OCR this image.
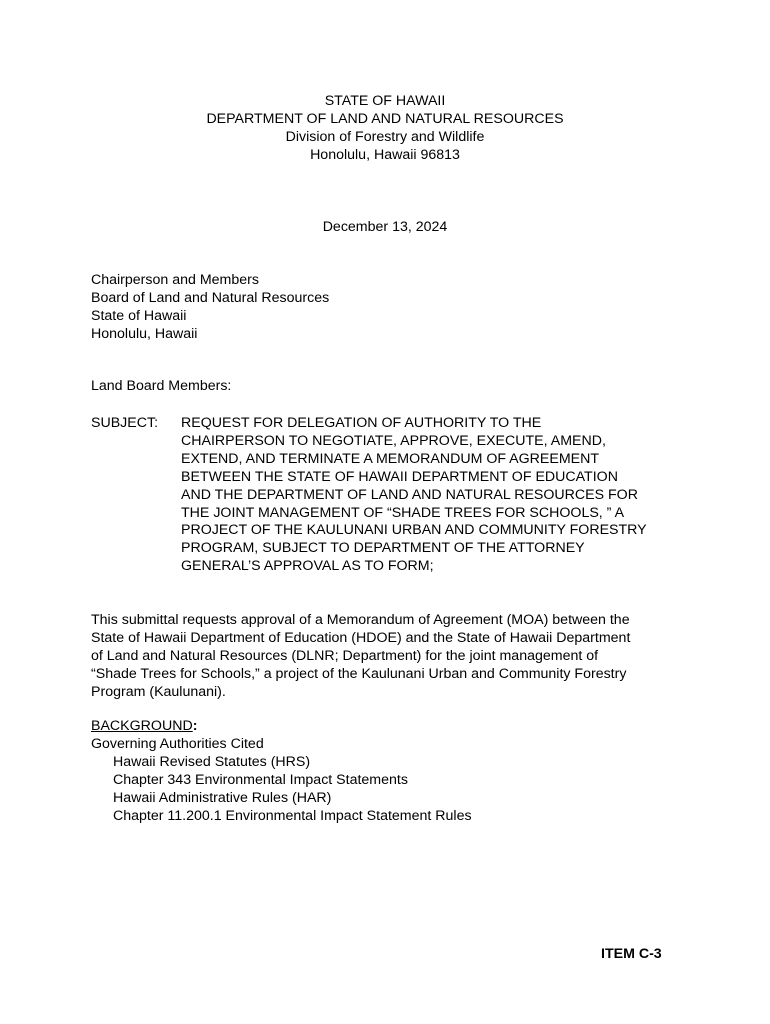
STATE OF HAWAII
DEPARTMENT OF LAND AND NATURAL RESOURCES
Division of Forestry and Wildlife
Honolulu, Hawaii 96813
December 13, 2024
Chairperson and Members
Board of Land and Natural Resources
State of Hawaii
Honolulu, Hawaii
Land Board Members:
SUBJECT: REQUEST FOR DELEGATION OF AUTHORITY TO THE
CHAIRPERSON TO NEGOTIATE, APPROVE, EXECUTE, AMEND,
EXTEND, AND TERMINATE A MEMORANDUM OF AGREEMENT
BETWEEN THE STATE OF HAWAII DEPARTMENT OF EDUCATION
AND THE DEPARTMENT OF LAND AND NATURAL RESOURCES FOR
THE JOINT MANAGEMENT OF “SHADE TREES FOR SCHOOLS, ” A
PROJECT OF THE KAULUNANI URBAN AND COMMUNITY FORESTRY
PROGRAM, SUBJECT TO DEPARTMENT OF THE ATTORNEY
GENERAL’S APPROVAL AS TO FORM;
This submittal requests approval of a Memorandum of Agreement (MOA) between the
State of Hawaii Department of Education (HDOE) and the State of Hawaii Department
of Land and Natural Resources (DLNR; Department) for the joint management of
“Shade Trees for Schools,” a project of the Kaulunani Urban and Community Forestry
Program (Kaulunani).
BACKGROUND:
Governing Authorities Cited
Hawaii Revised Statutes (HRS)
Chapter 343 Environmental Impact Statements
Hawaii Administrative Rules (HAR)
Chapter 11.200.1 Environmental Impact Statement Rules
ITEM C-3
